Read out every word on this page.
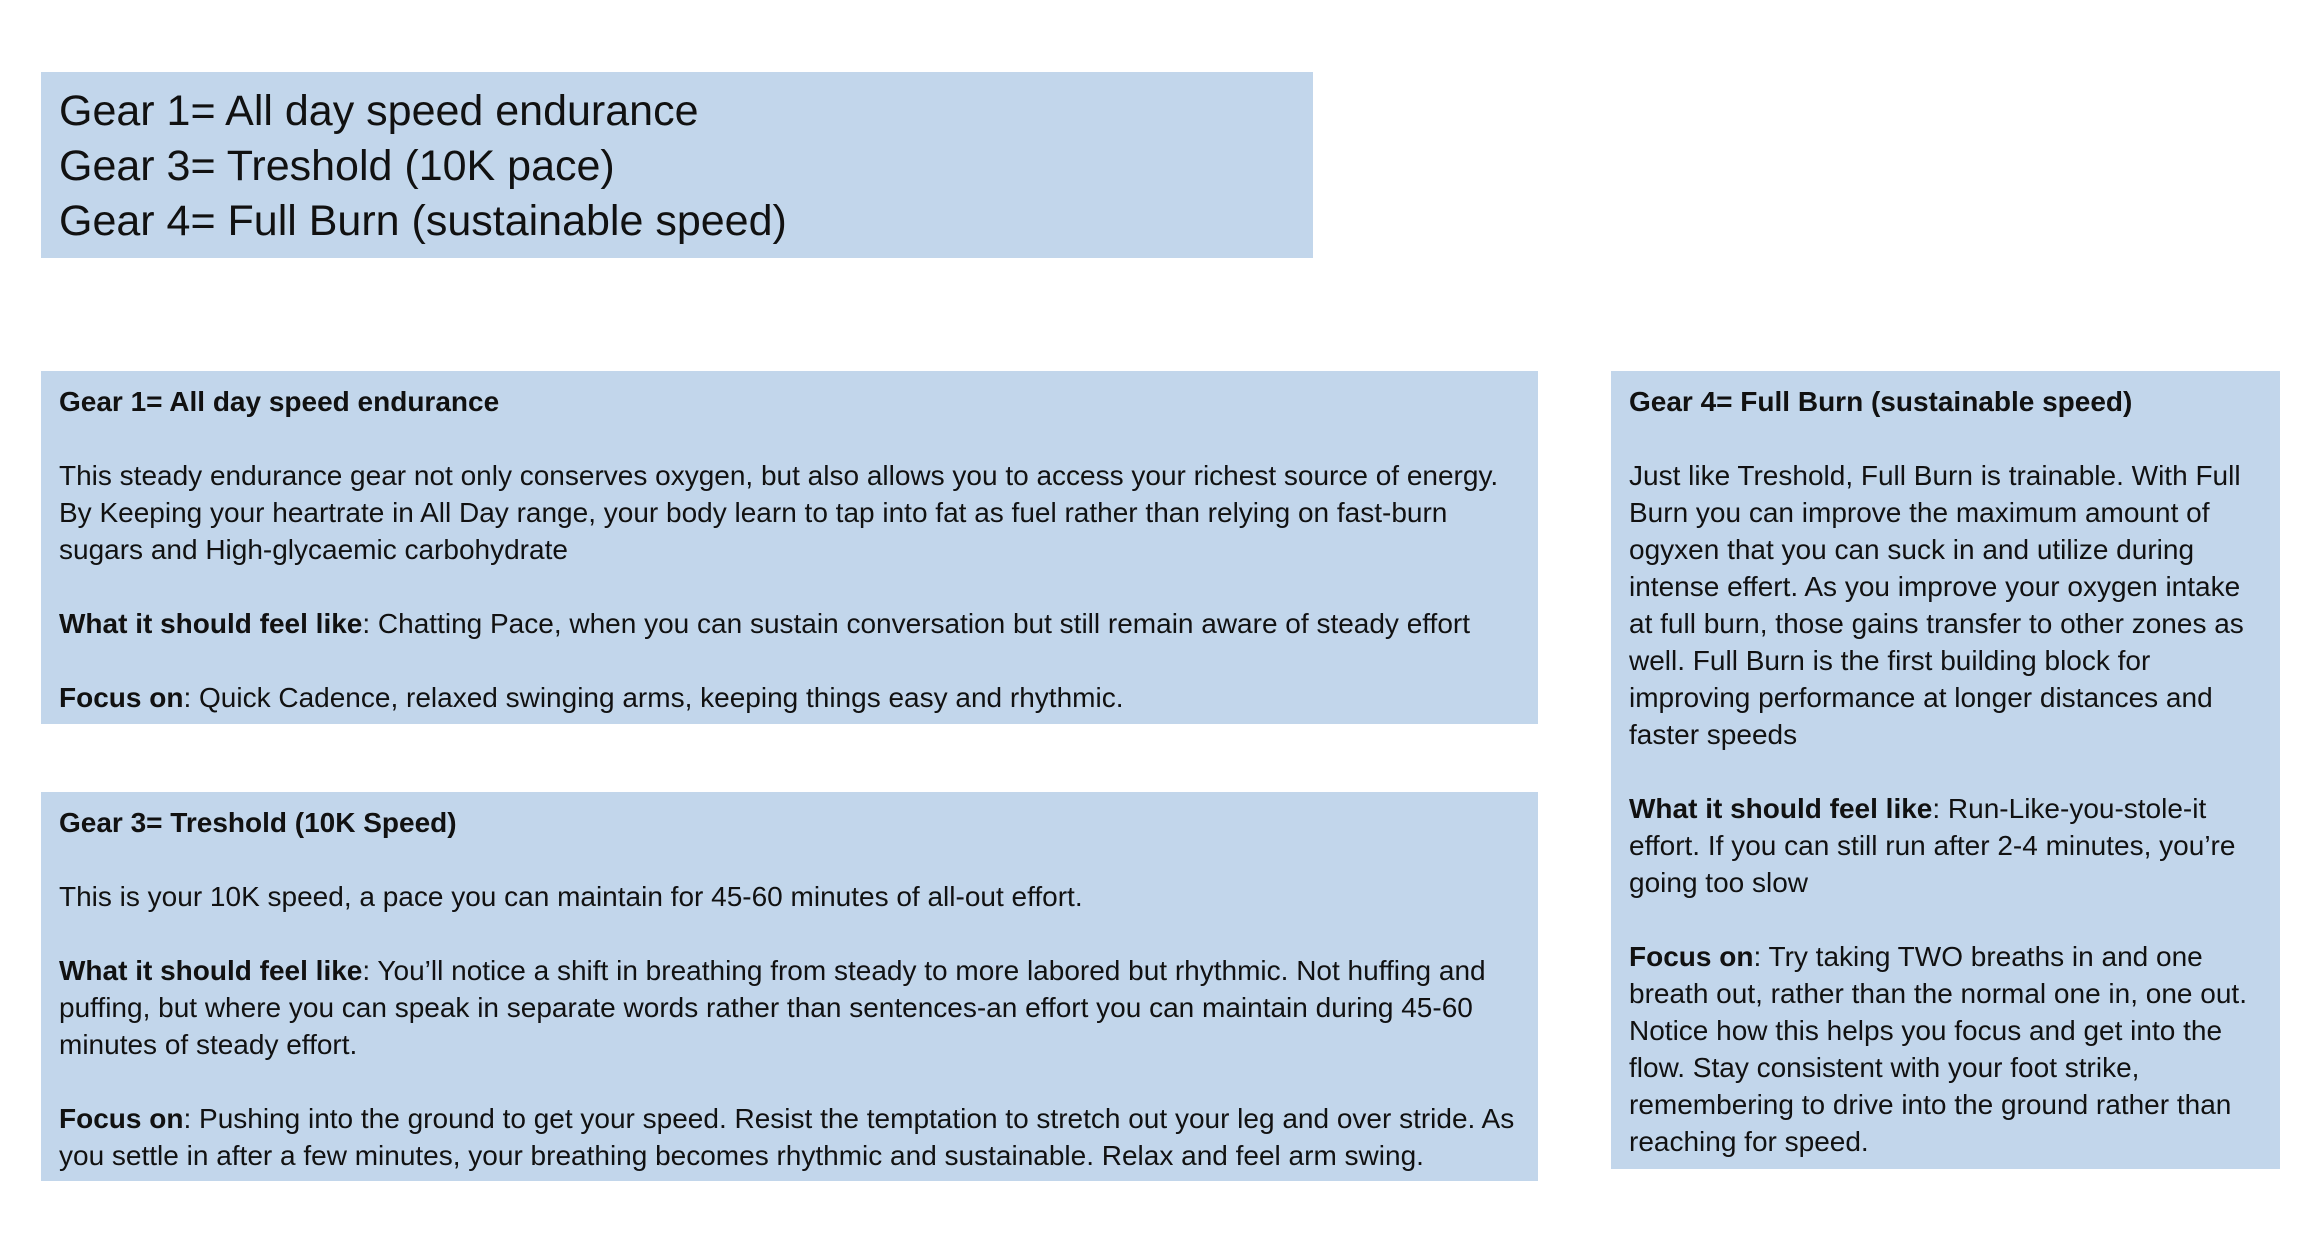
Gear 1= All day speed endurance
Gear 3= Treshold (10K pace)
Gear 4= Full Burn (sustainable speed)
Gear 1= All day speed endurance

This steady endurance gear not only conserves oxygen, but also allows you to access your richest source of energy. By Keeping your heartrate in All Day range, your body learn to tap into fat as fuel rather than relying on fast-burn sugars and High-glycaemic carbohydrate

What it should feel like: Chatting Pace, when you can sustain conversation but still remain aware of steady effort

Focus on: Quick Cadence, relaxed swinging arms, keeping things easy and rhythmic.

Gear 3= Treshold (10K Speed)

This is your 10K speed, a pace you can maintain for 45-60 minutes of all-out effort.

What it should feel like: You’ll notice a shift in breathing from steady to more labored but rhythmic. Not huffing and puffing, but where you can speak in separate words rather than sentences-an effort you can maintain during 45-60 minutes of steady effort.

Focus on: Pushing into the ground to get your speed. Resist the temptation to stretch out your leg and over stride. As you settle in after a few minutes, your breathing becomes rhythmic and sustainable. Relax and feel arm swing.

Gear 4= Full Burn (sustainable speed)

Just like Treshold, Full Burn is trainable. With Full Burn you can improve the maximum amount of ogyxen that you can suck in and utilize during intense effert. As you improve your oxygen intake at full burn, those gains transfer to other zones as well. Full Burn is the first building block for improving performance at longer distances and faster speeds

What it should feel like: Run-Like-you-stole-it effort. If you can still run after 2-4 minutes, you’re going too slow

Focus on: Try taking TWO breaths in and one breath out, rather than the normal one in, one out. Notice how this helps you focus and get into the flow. Stay consistent with your foot strike, remembering to drive into the ground rather than reaching for speed.
